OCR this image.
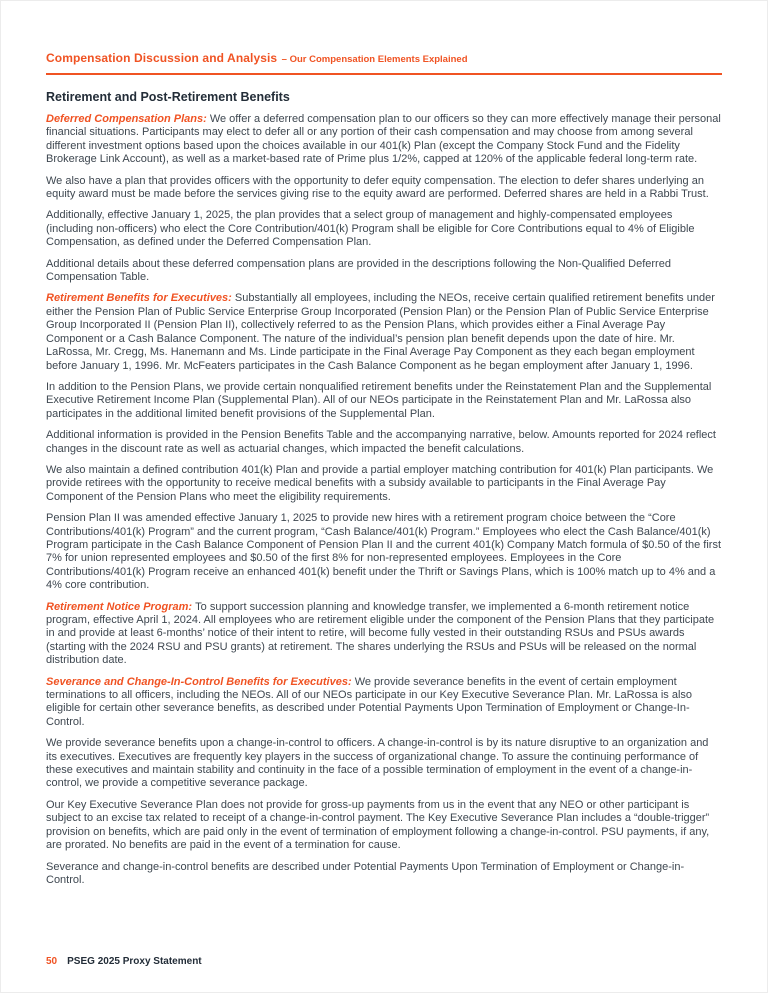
Compensation Discussion and Analysis – Our Compensation Elements Explained
Retirement and Post-Retirement Benefits

Deferred Compensation Plans: We offer a deferred compensation plan to our officers so they can more effectively manage their personal financial situations. Participants may elect to defer all or any portion of their cash compensation and may choose from among several different investment options based upon the choices available in our 401(k) Plan (except the Company Stock Fund and the Fidelity Brokerage Link Account), as well as a market-based rate of Prime plus 1/2%, capped at 120% of the applicable federal long-term rate.

We also have a plan that provides officers with the opportunity to defer equity compensation. The election to defer shares underlying an equity award must be made before the services giving rise to the equity award are performed. Deferred shares are held in a Rabbi Trust.

Additionally, effective January 1, 2025, the plan provides that a select group of management and highly-compensated employees (including non-officers) who elect the Core Contribution/401(k) Program shall be eligible for Core Contributions equal to 4% of Eligible Compensation, as defined under the Deferred Compensation Plan.

Additional details about these deferred compensation plans are provided in the descriptions following the Non-Qualified Deferred Compensation Table.

Retirement Benefits for Executives: Substantially all employees, including the NEOs, receive certain qualified retirement benefits under either the Pension Plan of Public Service Enterprise Group Incorporated (Pension Plan) or the Pension Plan of Public Service Enterprise Group Incorporated II (Pension Plan II), collectively referred to as the Pension Plans, which provides either a Final Average Pay Component or a Cash Balance Component. The nature of the individual’s pension plan benefit depends upon the date of hire. Mr. LaRossa, Mr. Cregg, Ms. Hanemann and Ms. Linde participate in the Final Average Pay Component as they each began employment before January 1, 1996. Mr. McFeaters participates in the Cash Balance Component as he began employment after January 1, 1996.

In addition to the Pension Plans, we provide certain nonqualified retirement benefits under the Reinstatement Plan and the Supplemental Executive Retirement Income Plan (Supplemental Plan). All of our NEOs participate in the Reinstatement Plan and Mr. LaRossa also participates in the additional limited benefit provisions of the Supplemental Plan.

Additional information is provided in the Pension Benefits Table and the accompanying narrative, below. Amounts reported for 2024 reflect changes in the discount rate as well as actuarial changes, which impacted the benefit calculations.

We also maintain a defined contribution 401(k) Plan and provide a partial employer matching contribution for 401(k) Plan participants. We provide retirees with the opportunity to receive medical benefits with a subsidy available to participants in the Final Average Pay Component of the Pension Plans who meet the eligibility requirements.

Pension Plan II was amended effective January 1, 2025 to provide new hires with a retirement program choice between the “Core Contributions/401(k) Program” and the current program, “Cash Balance/401(k) Program.” Employees who elect the Cash Balance/401(k) Program participate in the Cash Balance Component of Pension Plan II and the current 401(k) Company Match formula of $0.50 of the first 7% for union represented employees and $0.50 of the first 8% for non-represented employees. Employees in the Core Contributions/401(k) Program receive an enhanced 401(k) benefit under the Thrift or Savings Plans, which is 100% match up to 4% and a 4% core contribution.

Retirement Notice Program: To support succession planning and knowledge transfer, we implemented a 6-month retirement notice program, effective April 1, 2024. All employees who are retirement eligible under the component of the Pension Plans that they participate in and provide at least 6-months’ notice of their intent to retire, will become fully vested in their outstanding RSUs and PSUs awards (starting with the 2024 RSU and PSU grants) at retirement. The shares underlying the RSUs and PSUs will be released on the normal distribution date.

Severance and Change-In-Control Benefits for Executives: We provide severance benefits in the event of certain employment terminations to all officers, including the NEOs. All of our NEOs participate in our Key Executive Severance Plan. Mr. LaRossa is also eligible for certain other severance benefits, as described under Potential Payments Upon Termination of Employment or Change-In-Control.

We provide severance benefits upon a change-in-control to officers. A change-in-control is by its nature disruptive to an organization and its executives. Executives are frequently key players in the success of organizational change. To assure the continuing performance of these executives and maintain stability and continuity in the face of a possible termination of employment in the event of a change-in-control, we provide a competitive severance package.

Our Key Executive Severance Plan does not provide for gross-up payments from us in the event that any NEO or other participant is subject to an excise tax related to receipt of a change-in-control payment. The Key Executive Severance Plan includes a “double-trigger” provision on benefits, which are paid only in the event of termination of employment following a change-in-control. PSU payments, if any, are prorated. No benefits are paid in the event of a termination for cause.

Severance and change-in-control benefits are described under Potential Payments Upon Termination of Employment or Change-in-Control.

50 PSEG 2025 Proxy Statement
